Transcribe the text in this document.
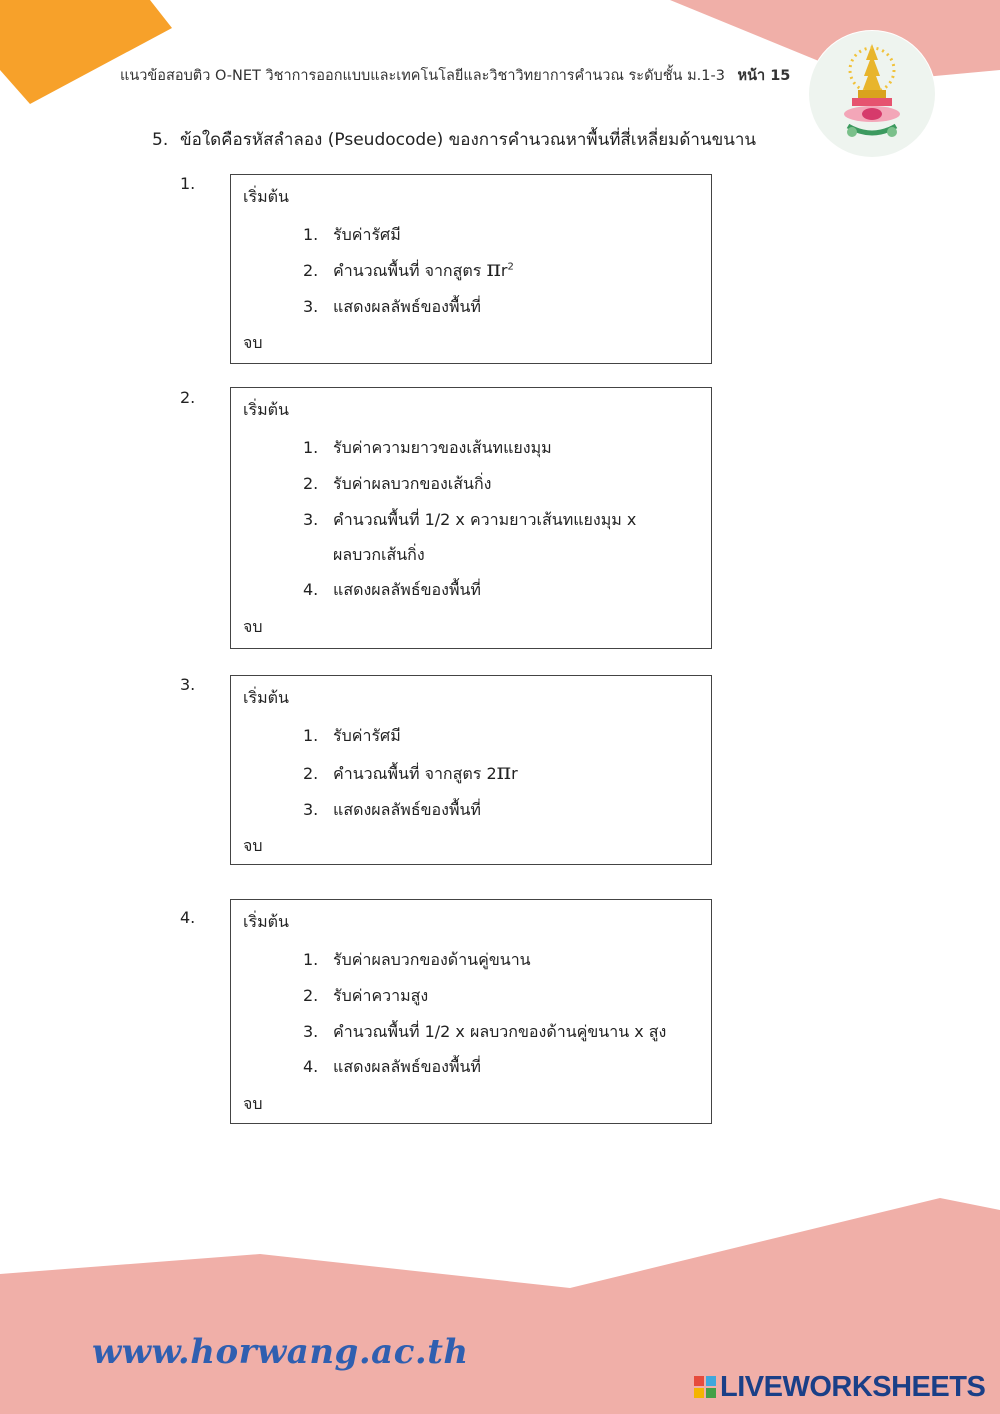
แนวข้อสอบติว O-NET วิชาการออกแบบและเทคโนโลยีและวิชาวิทยาการคำนวณ ระดับชั้น ม.1-3 หน้า 15
5. ข้อใดคือรหัสลำลอง (Pseudocode) ของการคำนวณหาพื้นที่สี่เหลี่ยมด้านขนาน
1.
เริ่มต้น
1. รับค่ารัศมี
2. คำนวณพื้นที่ จากสูตร $\pi r^2$
3. แสดงผลลัพธ์ของพื้นที่
จบ
2.
เริ่มต้น
1. รับค่าความยาวของเส้นทแยงมุม
2. รับค่าผลบวกของเส้นกิ่ง
3. คำนวณพื้นที่ 1/2 x ความยาวเส้นทแยงมุม x
ผลบวกเส้นกิ่ง
4. แสดงผลลัพธ์ของพื้นที่
จบ
3.
เริ่มต้น
1. รับค่ารัศมี
2. คำนวณพื้นที่ จากสูตร 2πr
3. แสดงผลลัพธ์ของพื้นที่
จบ
4.	เริ่มต้น
1. รับค่าผลบวกของด้านคู่ขนาน
2. รับค่าความสูง
3. คำนวณพื้นที่ 1/2 x ผลบวกของด้านคู่ขนาน x สูง
4. แสดงผลลัพธ์ของพื้นที่
จบ
www.horwang.ac.th
LIVEWORKSHEETS
